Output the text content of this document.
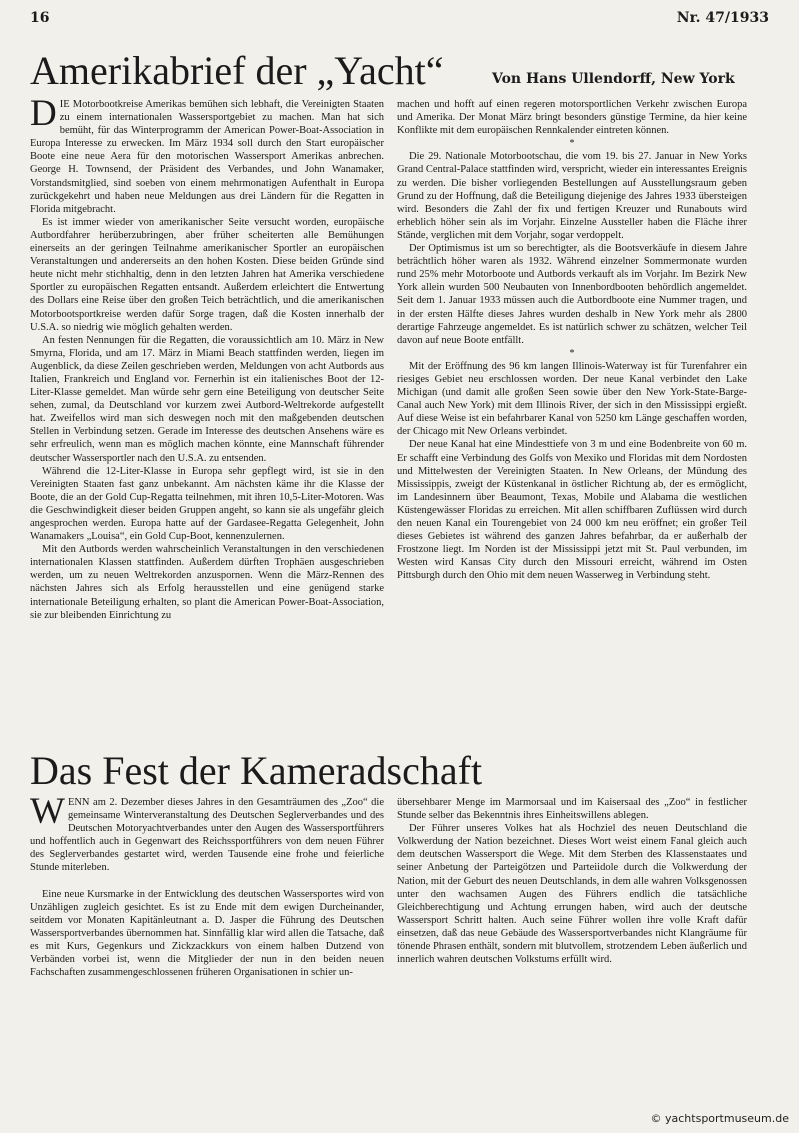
16	Nr. 47/1933
Amerikabrief der „Yacht“	Von Hans Ullendorff, New York

DIE Motorbootkreise Amerikas bemühen sich lebhaft, die Vereinigten Staaten zu einem internationalen Wassersportgebiet zu machen. Man hat sich bemüht, für das Winterprogramm der American Power-Boat-Association in Europa Interesse zu erwecken. Im März 1934 soll durch den Start europäischer Boote eine neue Aera für den motorischen Wassersport Amerikas anbrechen. George H. Townsend, der Präsident des Verbandes, und John Wanamaker, Vorstandsmitglied, sind soeben von einem mehrmonatigen Aufenthalt in Europa zurückgekehrt und haben neue Meldungen aus drei Ländern für die Regatten in Florida mitgebracht.

Es ist immer wieder von amerikanischer Seite versucht worden, europäische Autbordfahrer herüberzubringen, aber früher scheiterten alle Bemühungen einerseits an der geringen Teilnahme amerikanischer Sportler an europäischen Veranstaltungen und andererseits an den hohen Kosten. Diese beiden Gründe sind heute nicht mehr stichhaltig, denn in den letzten Jahren hat Amerika verschiedene Sportler zu europäischen Regatten entsandt. Außerdem erleichtert die Entwertung des Dollars eine Reise über den großen Teich beträchtlich, und die amerikanischen Motorbootsportkreise werden dafür Sorge tragen, daß die Kosten innerhalb der U.S.A. so niedrig wie möglich gehalten werden.

An festen Nennungen für die Regatten, die voraussichtlich am 10. März in New Smyrna, Florida, und am 17. März in Miami Beach stattfinden werden, liegen im Augenblick, da diese Zeilen geschrieben werden, Meldungen von acht Autbords aus Italien, Frankreich und England vor. Fernerhin ist ein italienisches Boot der 12-Liter-Klasse gemeldet. Man würde sehr gern eine Beteiligung von deutscher Seite sehen, zumal, da Deutschland vor kurzem zwei Autbord-Weltrekorde aufgestellt hat. Zweifellos wird man sich deswegen noch mit den maßgebenden deutschen Stellen in Verbindung setzen. Gerade im Interesse des deutschen Ansehens wäre es sehr erfreulich, wenn man es möglich machen könnte, eine Mannschaft führender deutscher Wassersportler nach den U.S.A. zu entsenden.

Während die 12-Liter-Klasse in Europa sehr gepflegt wird, ist sie in den Vereinigten Staaten fast ganz unbekannt. Am nächsten käme ihr die Klasse der Boote, die an der Gold Cup-Regatta teilnehmen, mit ihren 10,5-Liter-Motoren. Was die Geschwindigkeit dieser beiden Gruppen angeht, so kann sie als ungefähr gleich angesprochen werden. Europa hatte auf der Gardasee-Regatta Gelegenheit, John Wanamakers „Louisa“, ein Gold Cup-Boot, kennenzulernen.

Mit den Autbords werden wahrscheinlich Veranstaltungen in den verschiedenen internationalen Klassen stattfinden. Außerdem dürften Trophäen ausgeschrieben werden, um zu neuen Weltrekorden anzuspornen. Wenn die März-Rennen des nächsten Jahres sich als Erfolg herausstellen und eine genügend starke internationale Beteiligung erhalten, so plant die American Power-Boat-Association, sie zur bleibenden Einrichtung zu

machen und hofft auf einen regeren motorsportlichen Verkehr zwischen Europa und Amerika. Der Monat März bringt besonders günstige Termine, da hier keine Konflikte mit dem europäischen Rennkalender eintreten können.

*

Die 29. Nationale Motorbootschau, die vom 19. bis 27. Januar in New Yorks Grand Central-Palace stattfinden wird, verspricht, wieder ein interessantes Ereignis zu werden. Die bisher vorliegenden Bestellungen auf Ausstellungsraum geben Grund zu der Hoffnung, daß die Beteiligung diejenige des Jahres 1933 übersteigen wird. Besonders die Zahl der fix und fertigen Kreuzer und Runabouts wird erheblich höher sein als im Vorjahr. Einzelne Aussteller haben die Fläche ihrer Stände, verglichen mit dem Vorjahr, sogar verdoppelt.

Der Optimismus ist um so berechtigter, als die Bootsverkäufe in diesem Jahre beträchtlich höher waren als 1932. Während einzelner Sommermonate wurden rund 25% mehr Motorboote und Autbords verkauft als im Vorjahr. Im Bezirk New York allein wurden 500 Neubauten von Innenbordbooten behördlich angemeldet. Seit dem 1. Januar 1933 müssen auch die Autbordboote eine Nummer tragen, und in der ersten Hälfte dieses Jahres wurden deshalb in New York mehr als 2800 derartige Fahrzeuge angemeldet. Es ist natürlich schwer zu schätzen, welcher Teil davon auf neue Boote entfällt.

*

Mit der Eröffnung des 96 km langen Illinois-Waterway ist für Turenfahrer ein riesiges Gebiet neu erschlossen worden. Der neue Kanal verbindet den Lake Michigan (und damit alle großen Seen sowie über den New York-State-Barge-Canal auch New York) mit dem Illinois River, der sich in den Mississippi ergießt. Auf diese Weise ist ein befahrbarer Kanal von 5250 km Länge geschaffen worden, der Chicago mit New Orleans verbindet.

Der neue Kanal hat eine Mindesttiefe von 3 m und eine Bodenbreite von 60 m. Er schafft eine Verbindung des Golfs von Mexiko und Floridas mit dem Nordosten und Mittelwesten der Vereinigten Staaten. In New Orleans, der Mündung des Mississippis, zweigt der Küstenkanal in östlicher Richtung ab, der es ermöglicht, im Landesinnern über Beaumont, Texas, Mobile und Alabama die westlichen Küstengewässer Floridas zu erreichen. Mit allen schiffbaren Zuflüssen wird durch den neuen Kanal ein Tourengebiet von 24 000 km neu eröffnet; ein großer Teil dieses Gebietes ist während des ganzen Jahres befahrbar, da er außerhalb der Frostzone liegt. Im Norden ist der Mississippi jetzt mit St. Paul verbunden, im Westen wird Kansas City durch den Missouri erreicht, während im Osten Pittsburgh durch den Ohio mit dem neuen Wasserweg in Verbindung steht.

Das Fest der Kameradschaft

WENN am 2. Dezember dieses Jahres in den Gesamträumen des „Zoo“ die gemeinsame Winterveranstaltung des Deutschen Seglerverbandes und des Deutschen Motoryachtverbandes unter den Augen des Wassersportführers und hoffentlich auch in Gegenwart des Reichssportführers von dem neuen Führer des Seglerverbandes gestartet wird, werden Tausende eine frohe und feierliche Stunde miterleben.

Eine neue Kursmarke in der Entwicklung des deutschen Wassersportes wird von Unzähligen zugleich gesichtet. Es ist zu Ende mit dem ewigen Durcheinander, seitdem vor Monaten Kapitänleutnant a. D. Jasper die Führung des Deutschen Wassersportverbandes übernommen hat. Sinnfällig klar wird allen die Tatsache, daß es mit Kurs, Gegenkurs und Zickzackkurs von einem halben Dutzend von Verbänden vorbei ist, wenn die Mitglieder der nun in den beiden neuen Fachschaften zusammengeschlossenen früheren Organisationen in schier un-

übersehbarer Menge im Marmorsaal und im Kaisersaal des „Zoo“ in festlicher Stunde selber das Bekenntnis ihres Einheitswillens ablegen.

Der Führer unseres Volkes hat als Hochziel des neuen Deutschland die Volkwerdung der Nation bezeichnet. Dieses Wort weist einem Fanal gleich auch dem deutschen Wassersport die Wege. Mit dem Sterben des Klassenstaates und seiner Anbetung der Parteigötzen und Parteiidole durch die Volkwerdung der Nation, mit der Geburt des neuen Deutschlands, in dem alle wahren Volksgenossen unter den wachsamen Augen des Führers endlich die tatsächliche Gleichberechtigung und Achtung errungen haben, wird auch der deutsche Wassersport Schritt halten. Auch seine Führer wollen ihre volle Kraft dafür einsetzen, daß das neue Gebäude des Wassersportverbandes nicht Klangräume für tönende Phrasen enthält, sondern mit blutvollem, strotzendem Leben äußerlich und innerlich wahren deutschen Volkstums erfüllt wird.

© yachtsportmuseum.de
